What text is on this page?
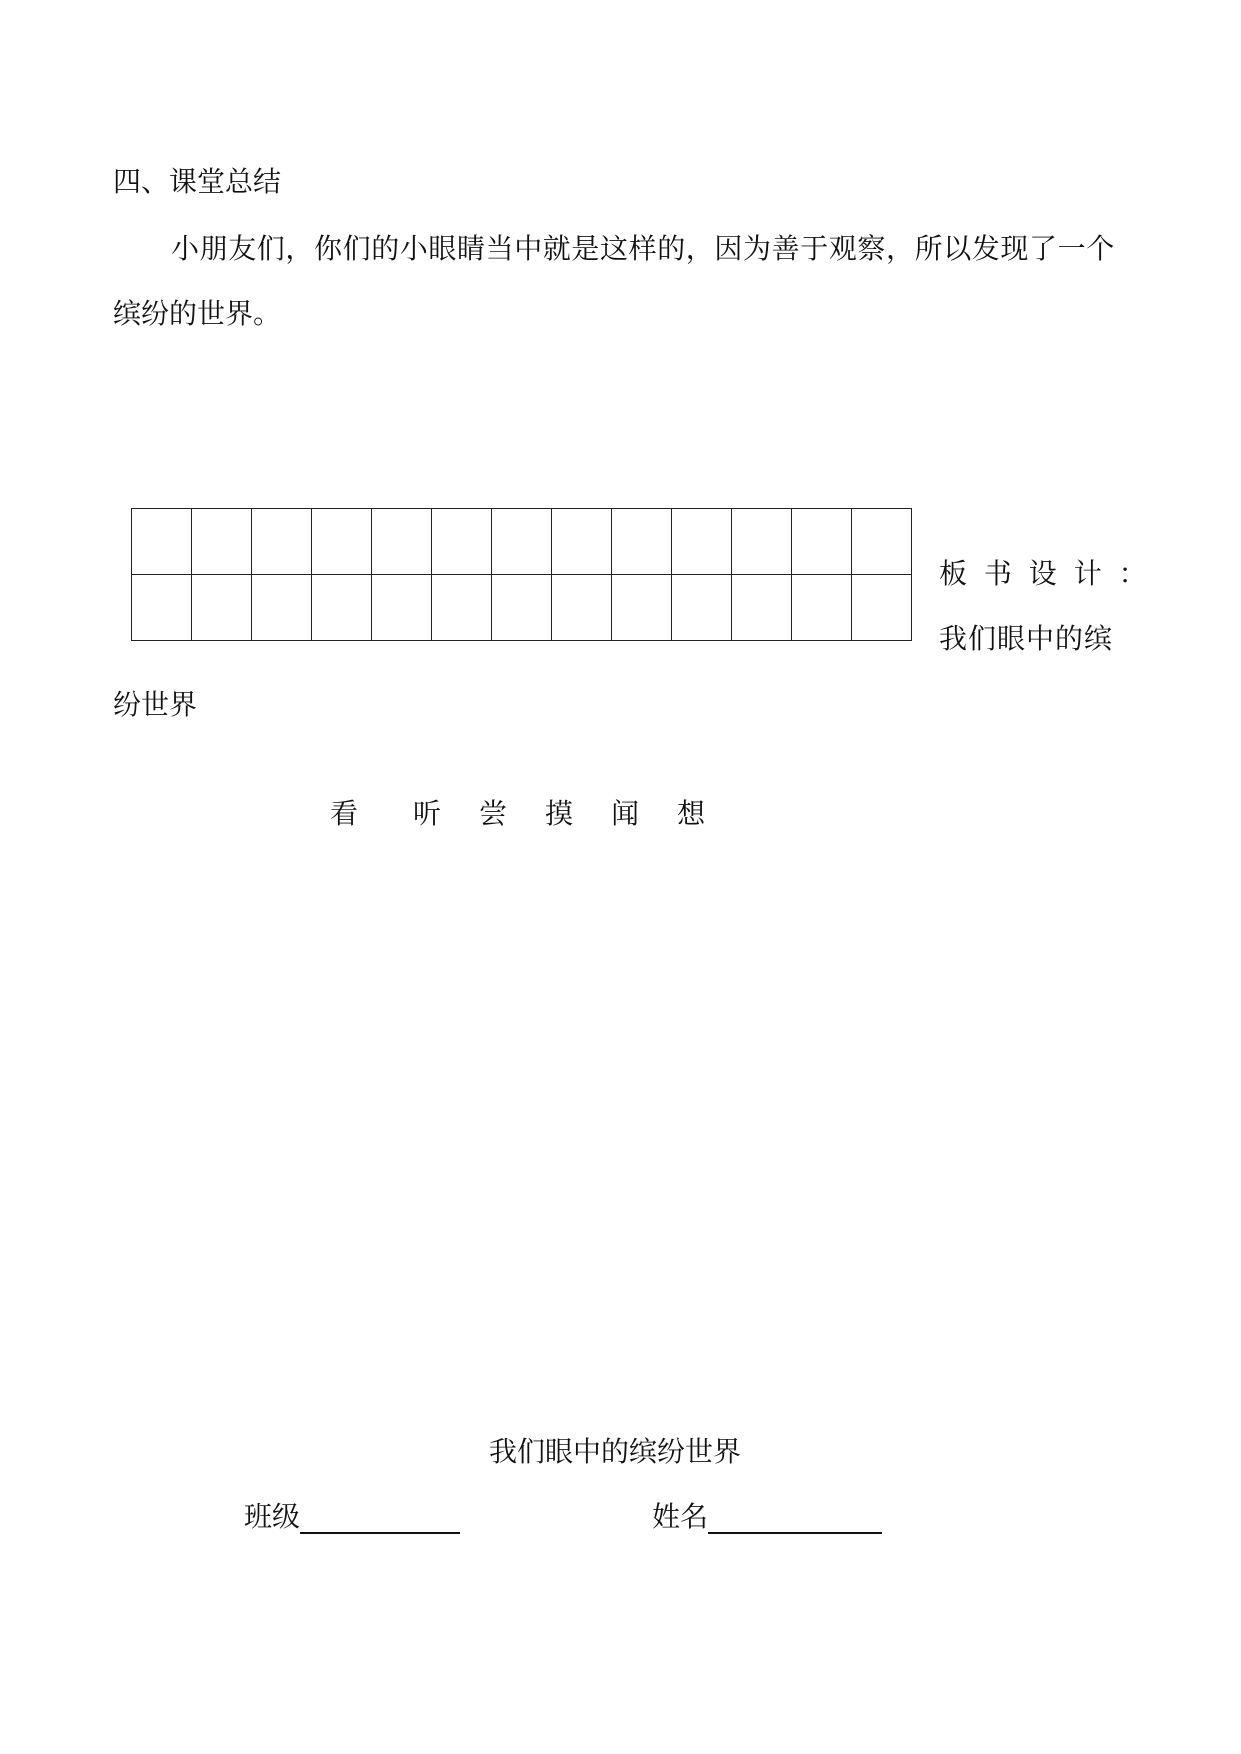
四、课堂总结
小朋友们，你们的小眼睛当中就是这样的，因为善于观察，所以发现了一个
缤纷的世界。
板 书 设 计 ：
我们眼中的缤
纷世界
看 听 尝 摸 闻 想
我们眼中的缤纷世界
班级	姓名
